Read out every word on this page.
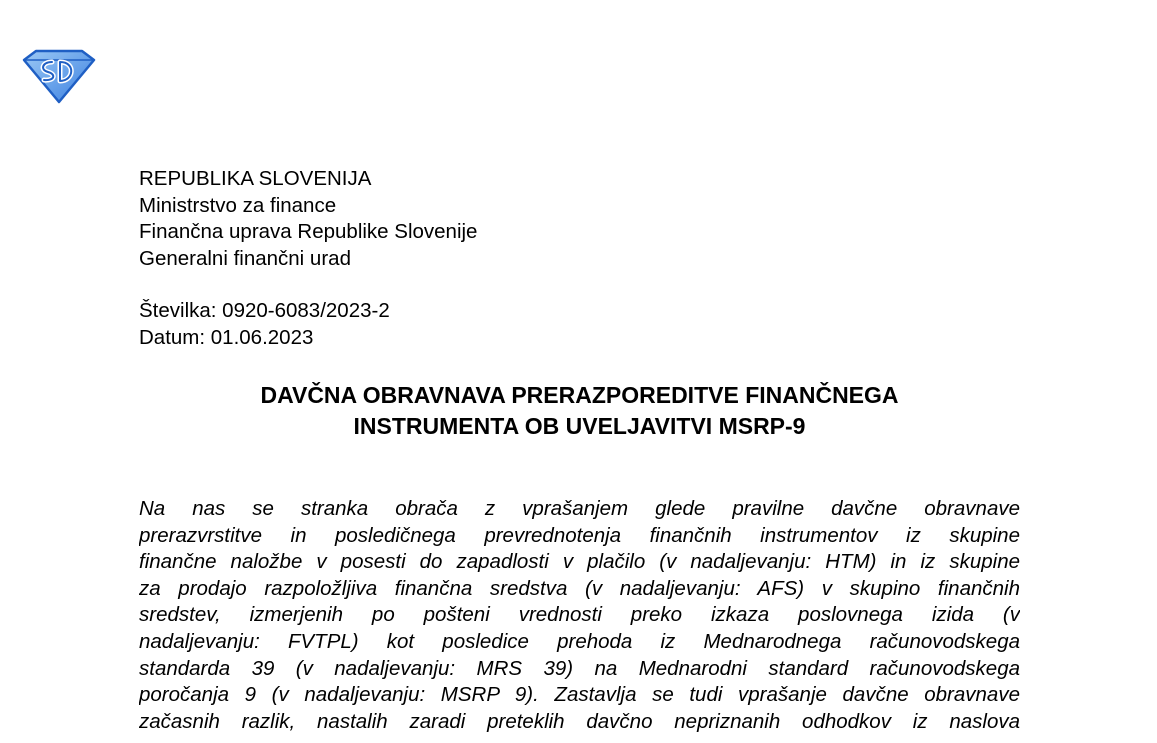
REPUBLIKA SLOVENIJA
Ministrstvo za finance
Finančna uprava Republike Slovenije
Generalni finančni urad
Številka: 0920-6083/2023-2
Datum: 01.06.2023
DAVČNA OBRAVNAVA PRERAZPOREDITVE FINANČNEGA
INSTRUMENTA OB UVELJAVITVI MSRP-9
Na nas se stranka obrača z vprašanjem glede pravilne davčne obravnave
prerazvrstitve in posledičnega prevrednotenja finančnih instrumentov iz skupine
finančne naložbe v posesti do zapadlosti v plačilo (v nadaljevanju: HTM) in iz skupine
za prodajo razpoložljiva finančna sredstva (v nadaljevanju: AFS) v skupino finančnih
sredstev, izmerjenih po pošteni vrednosti preko izkaza poslovnega izida (v
nadaljevanju: FVTPL) kot posledice prehoda iz Mednarodnega računovodskega
standarda 39 (v nadaljevanju: MRS 39) na Mednarodni standard računovodskega
poročanja 9 (v nadaljevanju: MSRP 9). Zastavlja se tudi vprašanje davčne obravnave
začasnih razlik, nastalih zaradi preteklih davčno nepriznanih odhodkov iz naslova
